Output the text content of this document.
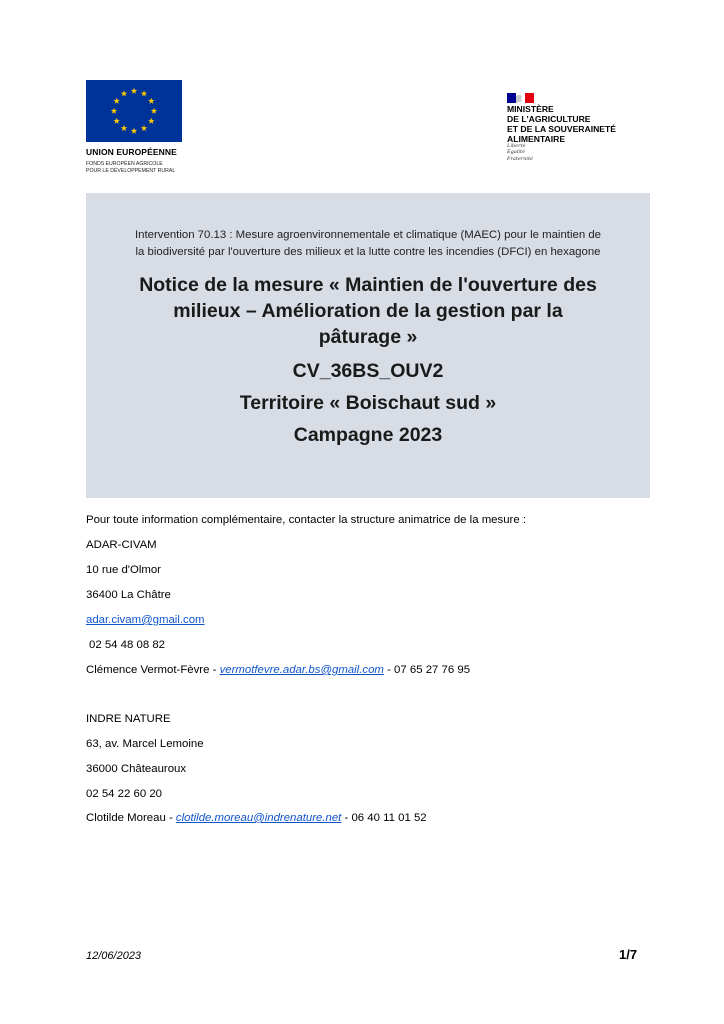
UNION EUROPÉENNE
FONDS EUROPÉEN AGRICOLE
POUR LE DÉVELOPPEMENT RURAL
MINISTÈRE
DE L'AGRICULTURE
ET DE LA SOUVERAINETÉ
ALIMENTAIRE
Liberté
Égalité
Fraternité
Intervention 70.13 : Mesure agroenvironnementale et climatique (MAEC) pour le maintien de
la biodiversité par l'ouverture des milieux et la lutte contre les incendies (DFCI) en hexagone
Notice de la mesure « Maintien de l'ouverture des
milieux – Amélioration de la gestion par la
pâturage »
CV_36BS_OUV2
Territoire « Boischaut sud »
Campagne 2023
Pour toute information complémentaire, contacter la structure animatrice de la mesure :
ADAR-CIVAM
10 rue d'Olmor
36400 La Châtre
adar.civam@gmail.com
02 54 48 08 82
Clémence Vermot-Fèvre - vermotfevre.adar.bs@gmail.com - 07 65 27 76 95
INDRE NATURE
63, av. Marcel Lemoine
36000 Châteauroux
02 54 22 60 20
Clotilde Moreau - clotilde.moreau@indrenature.net - 06 40 11 01 52
12/06/2023	1/7
